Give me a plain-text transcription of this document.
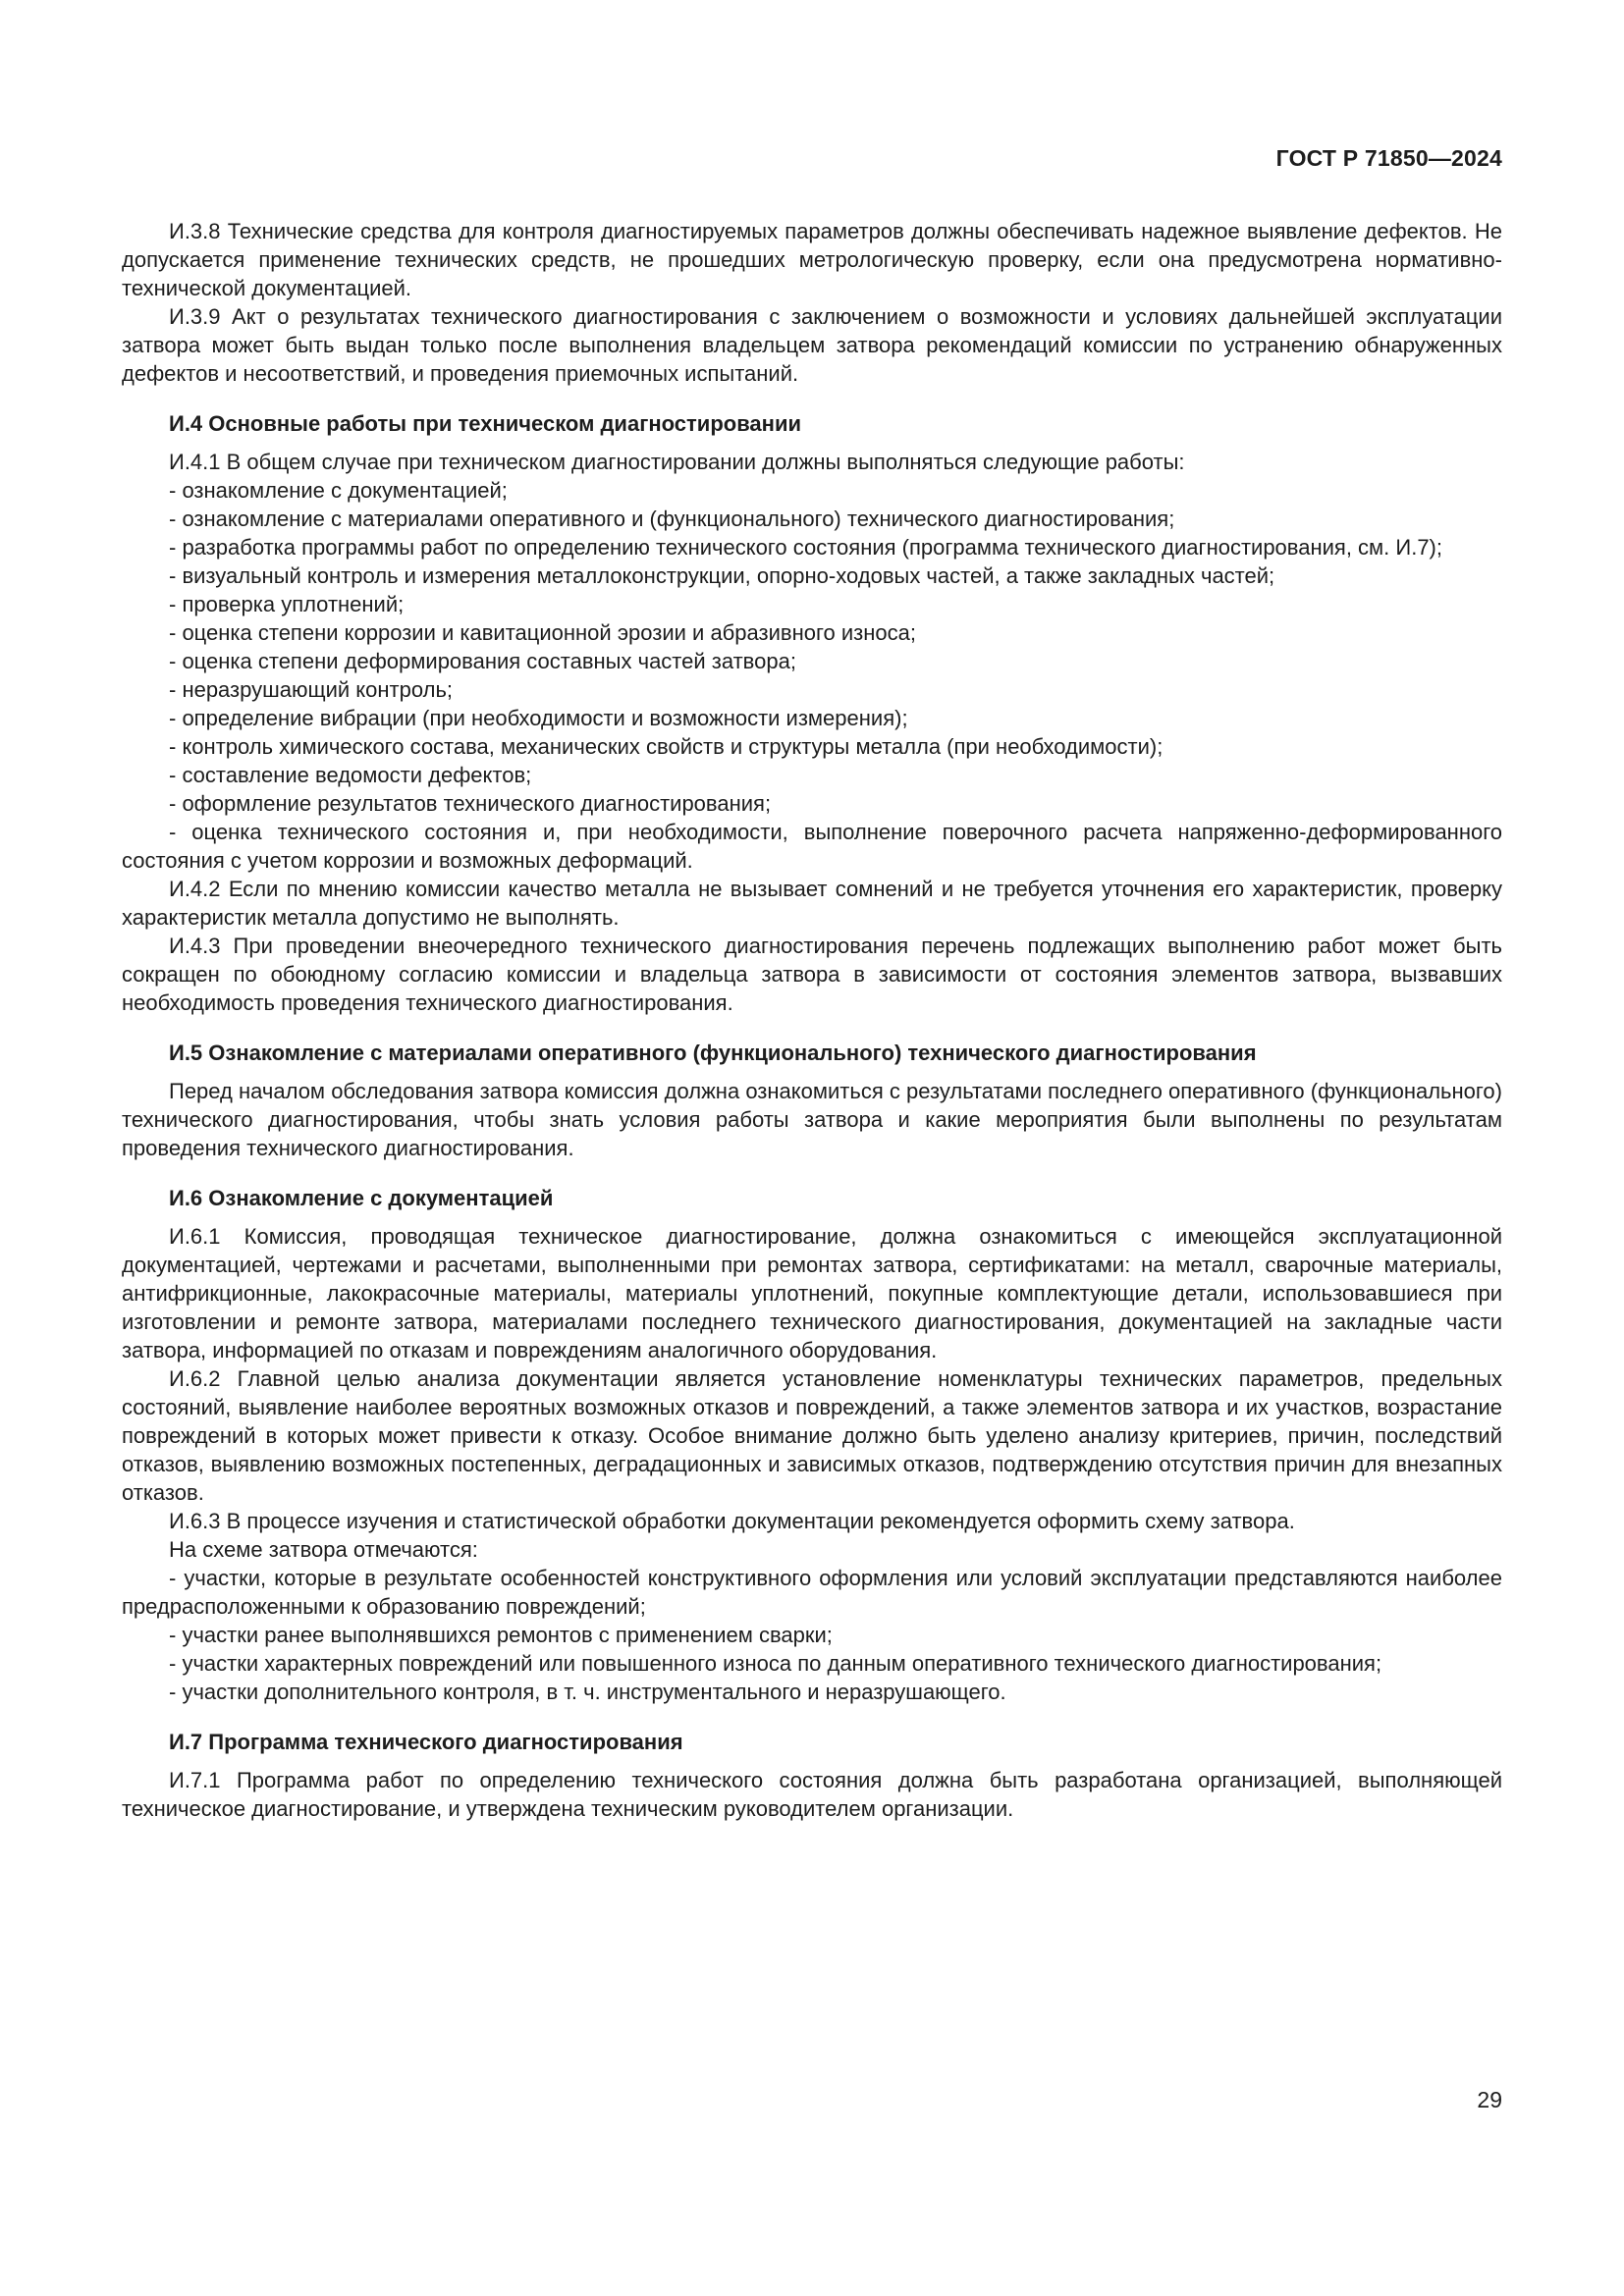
ГОСТ Р 71850—2024

И.3.8 Технические средства для контроля диагностируемых параметров должны обеспечивать надежное выявление дефектов. Не допускается применение технических средств, не прошедших метрологическую проверку, если она предусмотрена нормативно-технической документацией.

И.3.9 Акт о результатах технического диагностирования с заключением о возможности и условиях дальнейшей эксплуатации затвора может быть выдан только после выполнения владельцем затвора рекомендаций комиссии по устранению обнаруженных дефектов и несоответствий, и проведения приемочных испытаний.

И.4 Основные работы при техническом диагностировании

И.4.1 В общем случае при техническом диагностировании должны выполняться следующие работы:

- ознакомление с документацией;

- ознакомление с материалами оперативного и (функционального) технического диагностирования;

- разработка программы работ по определению технического состояния (программа технического диагностирования, см. И.7);

- визуальный контроль и измерения металлоконструкции, опорно-ходовых частей, а также закладных частей;

- проверка уплотнений;

- оценка степени коррозии и кавитационной эрозии и абразивного износа;

- оценка степени деформирования составных частей затвора;

- неразрушающий контроль;

- определение вибрации (при необходимости и возможности измерения);

- контроль химического состава, механических свойств и структуры металла (при необходимости);

- составление ведомости дефектов;

- оформление результатов технического диагностирования;

- оценка технического состояния и, при необходимости, выполнение поверочного расчета напряженно-деформированного состояния с учетом коррозии и возможных деформаций.

И.4.2 Если по мнению комиссии качество металла не вызывает сомнений и не требуется уточнения его характеристик, проверку характеристик металла допустимо не выполнять.

И.4.3 При проведении внеочередного технического диагностирования перечень подлежащих выполнению работ может быть сокращен по обоюдному согласию комиссии и владельца затвора в зависимости от состояния элементов затвора, вызвавших необходимость проведения технического диагностирования.

И.5 Ознакомление с материалами оперативного (функционального) технического диагностирования

Перед началом обследования затвора комиссия должна ознакомиться с результатами последнего оперативного (функционального) технического диагностирования, чтобы знать условия работы затвора и какие мероприятия были выполнены по результатам проведения технического диагностирования.

И.6 Ознакомление с документацией

И.6.1 Комиссия, проводящая техническое диагностирование, должна ознакомиться с имеющейся эксплуатационной документацией, чертежами и расчетами, выполненными при ремонтах затвора, сертификатами: на металл, сварочные материалы, антифрикционные, лакокрасочные материалы, материалы уплотнений, покупные комплектующие детали, использовавшиеся при изготовлении и ремонте затвора, материалами последнего технического диагностирования, документацией на закладные части затвора, информацией по отказам и повреждениям аналогичного оборудования.

И.6.2 Главной целью анализа документации является установление номенклатуры технических параметров, предельных состояний, выявление наиболее вероятных возможных отказов и повреждений, а также элементов затвора и их участков, возрастание повреждений в которых может привести к отказу. Особое внимание должно быть уделено анализу критериев, причин, последствий отказов, выявлению возможных постепенных, деградационных и зависимых отказов, подтверждению отсутствия причин для внезапных отказов.

И.6.3 В процессе изучения и статистической обработки документации рекомендуется оформить схему затвора.

На схеме затвора отмечаются:

- участки, которые в результате особенностей конструктивного оформления или условий эксплуатации представляются наиболее предрасположенными к образованию повреждений;

- участки ранее выполнявшихся ремонтов с применением сварки;

- участки характерных повреждений или повышенного износа по данным оперативного технического диагностирования;

- участки дополнительного контроля, в т. ч. инструментального и неразрушающего.

И.7 Программа технического диагностирования

И.7.1 Программа работ по определению технического состояния должна быть разработана организацией, выполняющей техническое диагностирование, и утверждена техническим руководителем организации.

29
